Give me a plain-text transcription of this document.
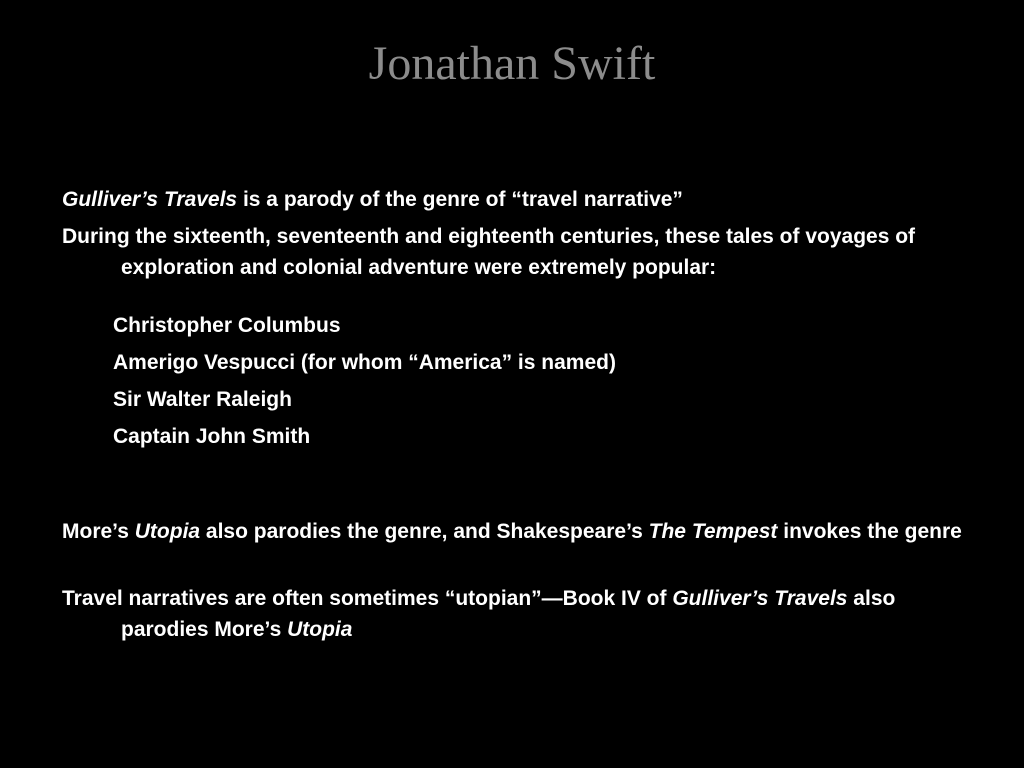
Jonathan Swift

Gulliver’s Travels is a parody of the genre of “travel narrative”

During the sixteenth, seventeenth and eighteenth centuries, these tales of voyages of exploration and colonial adventure were extremely popular:

Christopher Columbus

Amerigo Vespucci (for whom “America” is named)

Sir Walter Raleigh

Captain John Smith

More’s Utopia also parodies the genre, and Shakespeare’s The Tempest invokes the genre

Travel narratives are often sometimes “utopian”—Book IV of Gulliver’s Travels also parodies More’s Utopia
